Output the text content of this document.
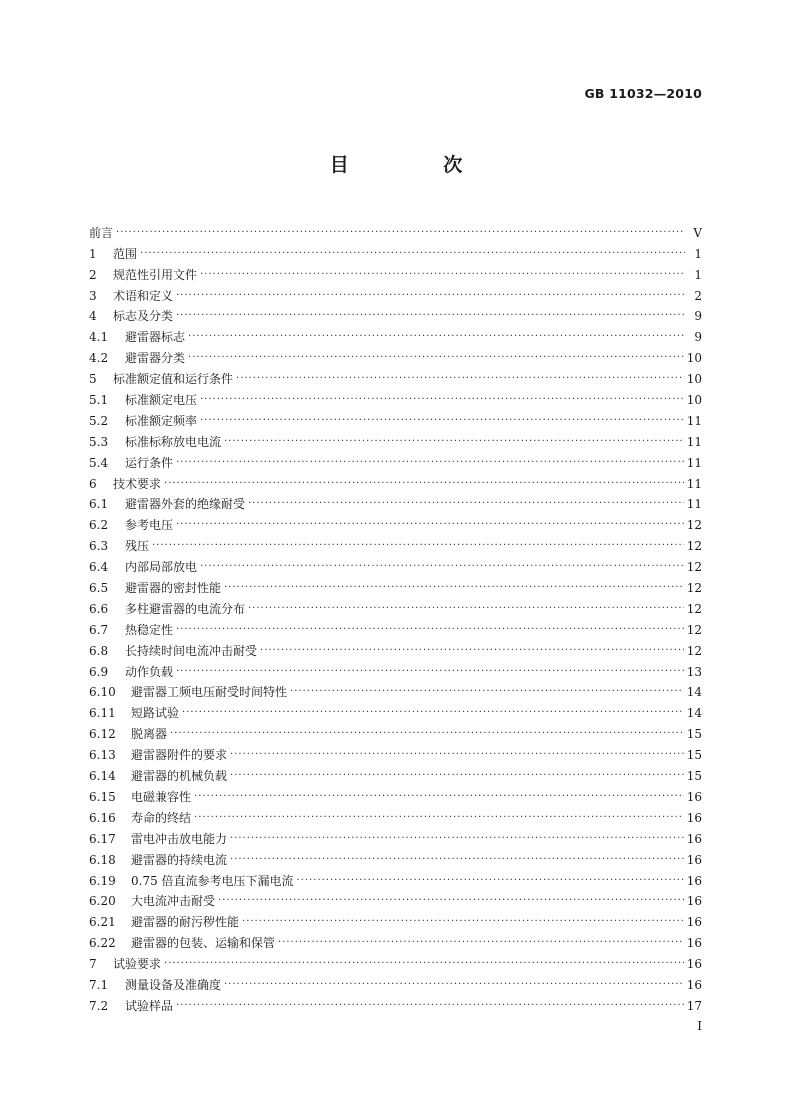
GB 11032—2010
目 次
前言 ·····	Ⅴ
1	范围 ·····	1
2	规范性引用文件 ·····	1
3	术语和定义 ·····	2
4	标志及分类 ·····	9
4.1	避雷器标志 ·····	9
4.2	避雷器分类 ·····	10
5	标准额定值和运行条件 ·····	10
5.1	标准额定电压 ·····	10
5.2	标准额定频率 ·····	11
5.3	标准标称放电电流 ·····	11
5.4	运行条件 ·····	11
6	技术要求 ·····	11
6.1	避雷器外套的绝缘耐受 ·····	11
6.2	参考电压 ·····	12
6.3	残压 ·····	12
6.4	内部局部放电 ·····	12
6.5	避雷器的密封性能 ·····	12
6.6	多柱避雷器的电流分布 ·····	12
6.7	热稳定性 ·····	12
6.8	长持续时间电流冲击耐受 ·····	12
6.9	动作负载 ·····	13
6.10	避雷器工频电压耐受时间特性 ·····	14
6.11	短路试验 ·····	14
6.12	脱离器 ·····	15
6.13	避雷器附件的要求 ·····	15
6.14	避雷器的机械负载 ·····	15
6.15	电磁兼容性 ·····	16
6.16	寿命的终结 ·····	16
6.17	雷电冲击放电能力 ·····	16
6.18	避雷器的持续电流 ·····	16
6.19	0.75 倍直流参考电压下漏电流 ·····	16
6.20	大电流冲击耐受 ·····	16
6.21	避雷器的耐污秽性能 ·····	16
6.22	避雷器的包装、运输和保管 ·····	16
7	试验要求 ·····	16
7.1	测量设备及准确度 ·····	16
7.2	试验样品 ·····	17
Ⅰ
